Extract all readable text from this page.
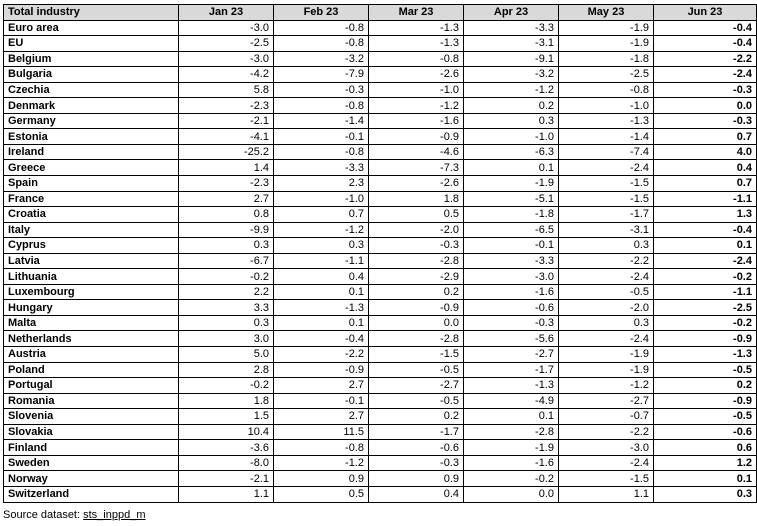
Total industry	Jan 23	Feb 23	Mar 23	Apr 23	May 23	Jun 23
Euro area	-3.0	-0.8	-1.3	-3.3	-1.9	-0.4
EU	-2.5	-0.8	-1.3	-3.1	-1.9	-0.4
Belgium	-3.0	-3.2	-0.8	-9.1	-1.8	-2.2
Bulgaria	-4.2	-7.9	-2.6	-3.2	-2.5	-2.4
Czechia	5.8	-0.3	-1.0	-1.2	-0.8	-0.3
Denmark	-2.3	-0.8	-1.2	0.2	-1.0	0.0
Germany	-2.1	-1.4	-1.6	0.3	-1.3	-0.3
Estonia	-4.1	-0.1	-0.9	-1.0	-1.4	0.7
Ireland	-25.2	-0.8	-4.6	-6.3	-7.4	4.0
Greece	1.4	-3.3	-7.3	0.1	-2.4	0.4
Spain	-2.3	2.3	-2.6	-1.9	-1.5	0.7
France	2.7	-1.0	1.8	-5.1	-1.5	-1.1
Croatia	0.8	0.7	0.5	-1.8	-1.7	1.3
Italy	-9.9	-1.2	-2.0	-6.5	-3.1	-0.4
Cyprus	0.3	0.3	-0.3	-0.1	0.3	0.1
Latvia	-6.7	-1.1	-2.8	-3.3	-2.2	-2.4
Lithuania	-0.2	0.4	-2.9	-3.0	-2.4	-0.2
Luxembourg	2.2	0.1	0.2	-1.6	-0.5	-1.1
Hungary	3.3	-1.3	-0.9	-0.6	-2.0	-2.5
Malta	0.3	0.1	0.0	-0.3	0.3	-0.2
Netherlands	3.0	-0.4	-2.8	-5.6	-2.4	-0.9
Austria	5.0	-2.2	-1.5	-2.7	-1.9	-1.3
Poland	2.8	-0.9	-0.5	-1.7	-1.9	-0.5
Portugal	-0.2	2.7	-2.7	-1.3	-1.2	0.2
Romania	1.8	-0.1	-0.5	-4.9	-2.7	-0.9
Slovenia	1.5	2.7	0.2	0.1	-0.7	-0.5
Slovakia	10.4	11.5	-1.7	-2.8	-2.2	-0.6
Finland	-3.6	-0.8	-0.6	-1.9	-3.0	0.6
Sweden	-8.0	-1.2	-0.3	-1.6	-2.4	1.2
Norway	-2.1	0.9	0.9	-0.2	-1.5	0.1
Switzerland	1.1	0.5	0.4	0.0	1.1	0.3
Source dataset: sts_inppd_m
